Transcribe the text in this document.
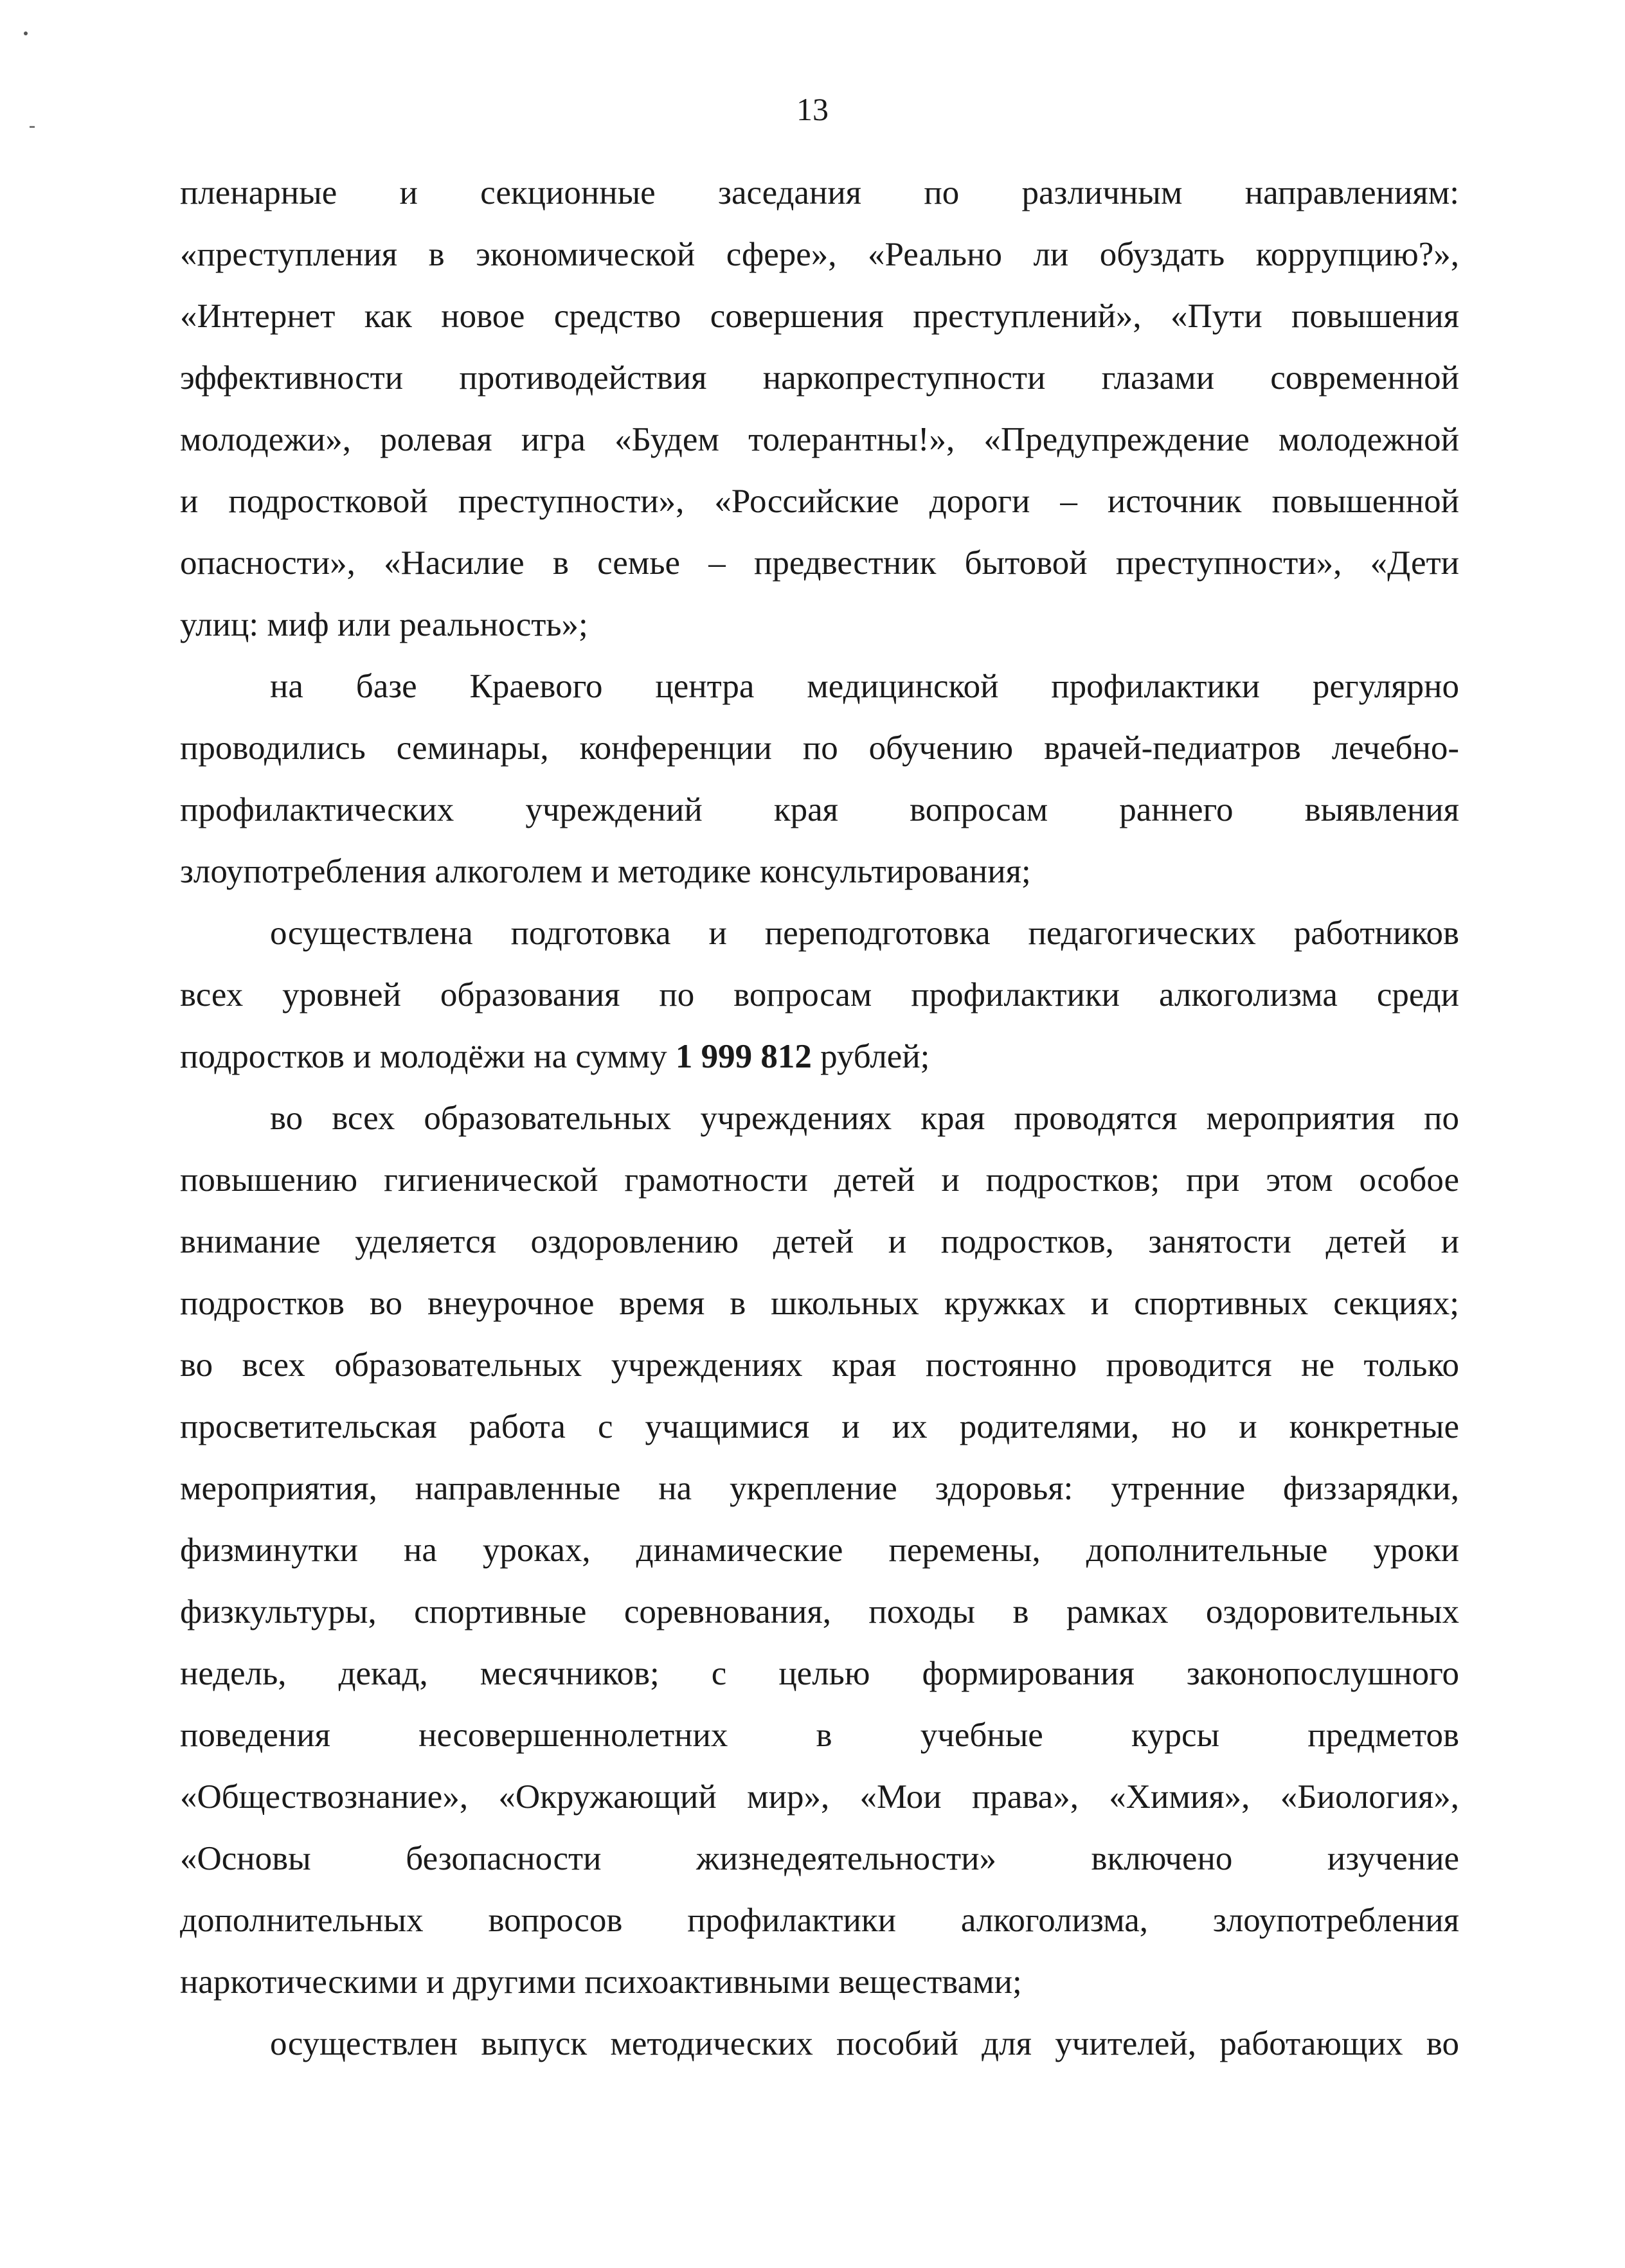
13
пленарные и секционные заседания по различным направлениям:
«преступления в экономической сфере», «Реально ли обуздать коррупцию?»,
«Интернет как новое средство совершения преступлений», «Пути повышения
эффективности противодействия наркопреступности глазами современной
молодежи», ролевая игра «Будем толерантны!», «Предупреждение молодежной
и подростковой преступности», «Российские дороги – источник повышенной
опасности», «Насилие в семье – предвестник бытовой преступности», «Дети
улиц: миф или реальность»;
на базе Краевого центра медицинской профилактики регулярно
проводились семинары, конференции по обучению врачей-педиатров лечебно-
профилактических учреждений края вопросам раннего выявления
злоупотребления алкоголем и методике консультирования;
осуществлена подготовка и переподготовка педагогических работников
всех уровней образования по вопросам профилактики алкоголизма среди
подростков и молодёжи на сумму 1 999 812 рублей;
во всех образовательных учреждениях края проводятся мероприятия по
повышению гигиенической грамотности детей и подростков; при этом особое
внимание уделяется оздоровлению детей и подростков, занятости детей и
подростков во внеурочное время в школьных кружках и спортивных секциях;
во всех образовательных учреждениях края постоянно проводится не только
просветительская работа с учащимися и их родителями, но и конкретные
мероприятия, направленные на укрепление здоровья: утренние физзарядки,
физминутки на уроках, динамические перемены, дополнительные уроки
физкультуры, спортивные соревнования, походы в рамках оздоровительных
недель, декад, месячников; с целью формирования законопослушного
поведения несовершеннолетних в учебные курсы предметов
«Обществознание», «Окружающий мир», «Мои права», «Химия», «Биология»,
«Основы безопасности жизнедеятельности» включено изучение
дополнительных вопросов профилактики алкоголизма, злоупотребления
наркотическими и другими психоактивными веществами;
осуществлен выпуск методических пособий для учителей, работающих во
